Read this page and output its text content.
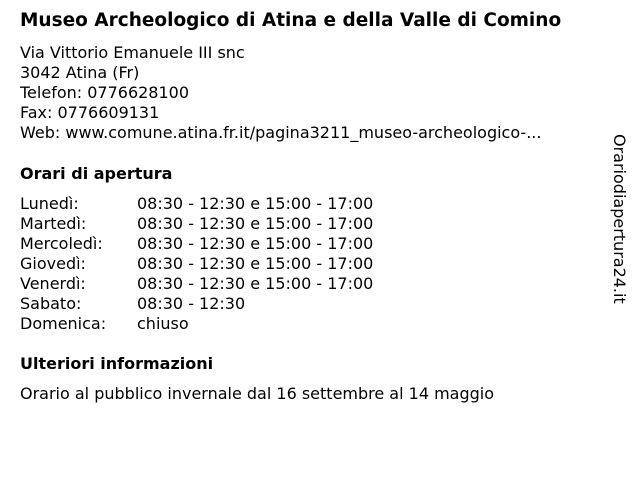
Museo Archeologico di Atina e della Valle di Comino
Via Vittorio Emanuele III snc
3042 Atina (Fr)
Telefon: 0776628100
Fax: 0776609131
Web: www.comune.atina.fr.it/pagina3211_museo-archeologico-...
Orari di apertura
Lunedì:	08:30 - 12:30 e 15:00 - 17:00
Martedì:	08:30 - 12:30 e 15:00 - 17:00
Mercoledì:	08:30 - 12:30 e 15:00 - 17:00
Giovedì:	08:30 - 12:30 e 15:00 - 17:00
Venerdì:	08:30 - 12:30 e 15:00 - 17:00
Sabato:	08:30 - 12:30
Domenica:	chiuso
Ulteriori informazioni
Orario al pubblico invernale dal 16 settembre al 14 maggio
Orariodiapertura24.it
